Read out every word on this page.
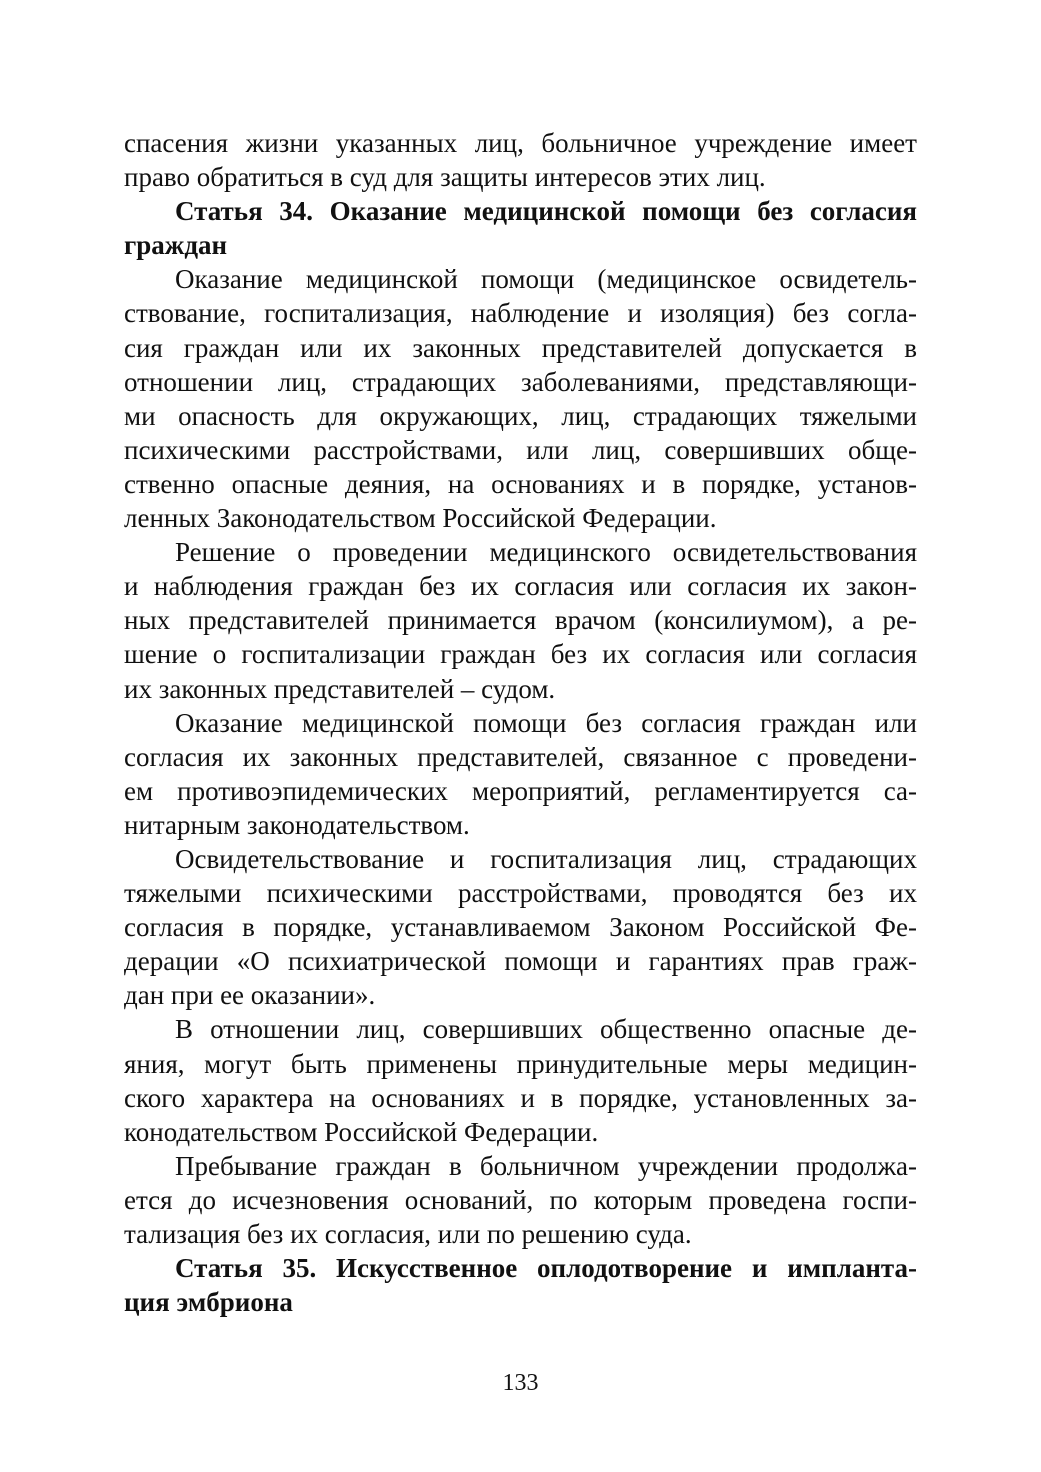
спасения жизни указанных лиц, больничное учреждение имеет
право обратиться в суд для защиты интересов этих лиц.
Статья 34. Оказание медицинской помощи без согласия
граждан
Оказание медицинской помощи (медицинское освидетель-
ствование, госпитализация, наблюдение и изоляция) без согла-
сия граждан или их законных представителей допускается в
отношении лиц, страдающих заболеваниями, представляющи-
ми опасность для окружающих, лиц, страдающих тяжелыми
психическими расстройствами, или лиц, совершивших обще-
ственно опасные деяния, на основаниях и в порядке, установ-
ленных Законодательством Российской Федерации.
Решение о проведении медицинского освидетельствования
и наблюдения граждан без их согласия или согласия их закон-
ных представителей принимается врачом (консилиумом), а ре-
шение о госпитализации граждан без их согласия или согласия
их законных представителей – судом.
Оказание медицинской помощи без согласия граждан или
согласия их законных представителей, связанное с проведени-
ем противоэпидемических мероприятий, регламентируется са-
нитарным законодательством.
Освидетельствование и госпитализация лиц, страдающих
тяжелыми психическими расстройствами, проводятся без их
согласия в порядке, устанавливаемом Законом Российской Фе-
дерации «О психиатрической помощи и гарантиях прав граж-
дан при ее оказании».
В отношении лиц, совершивших общественно опасные де-
яния, могут быть применены принудительные меры медицин-
ского характера на основаниях и в порядке, установленных за-
конодательством Российской Федерации.
Пребывание граждан в больничном учреждении продолжа-
ется до исчезновения оснований, по которым проведена госпи-
тализация без их согласия, или по решению суда.
Статья 35. Искусственное оплодотворение и импланта-
ция эмбриона
133
